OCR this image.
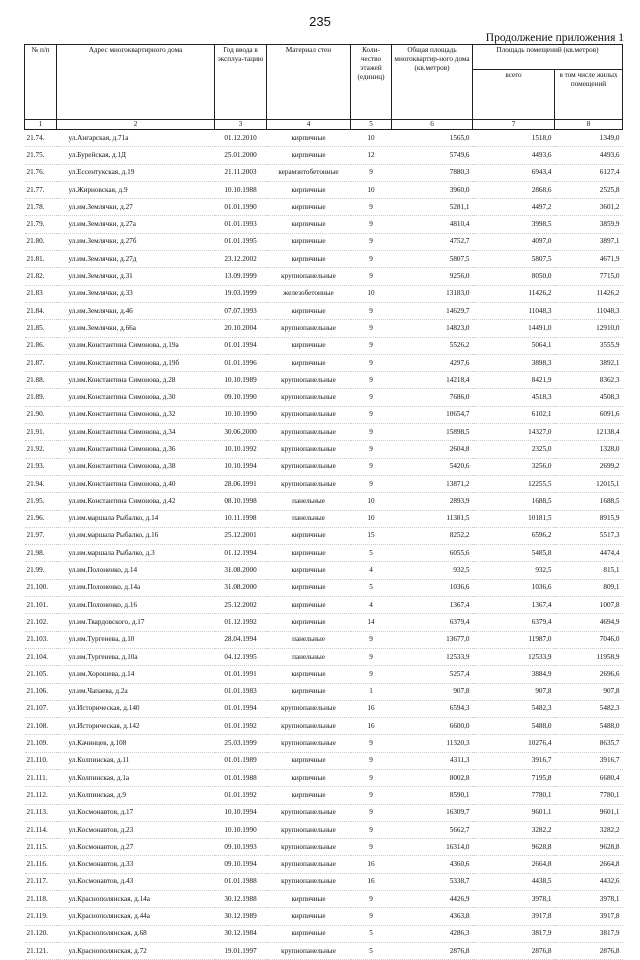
235
Продолжение приложения 1
№ п/п	Адрес многоквартирного дома	Год ввода в эксплуа-тацию	Материал стен	Коли-чество этажей (единиц)	Общая площадь многоквартир-ного дома (кв.метров)	Площадь помещений (кв.метров)	
						всего	в том числе жилых помещений
1	2	3	4	5	6	7	8
21.74.	ул.Ангарская, д.71а	01.12.2010	кирпичные	10	1565,0	1518,0	1349,0
21.75.	ул.Бурейская, д.1Д	25.01.2000	кирпичные	12	5749,6	4493,6	4493,6
21.76.	ул.Ессентукская, д.19	21.11.2003	керамзитобетонные	9	7880,3	6943,4	6127,4
21.77.	ул.Жирновская, д.9	10.10.1988	кирпичные	10	3960,0	2868,6	2525,8
21.78.	ул.им.Землячки, д.27	01.01.1990	кирпичные	9	5281,1	4497,2	3601,2
21.79.	ул.им.Землячки, д.27а	01.01.1993	кирпичные	9	4810,4	3998,5	3859,9
21.80.	ул.им.Землячки, д.27б	01.01.1995	кирпичные	9	4752,7	4097,0	3897,1
21.81.	ул.им.Землячки, д.27д	23.12.2002	кирпичные	9	5807,5	5807,5	4671,9
21.82.	ул.им.Землячки, д.31	13.09.1999	крупнопанельные	9	9256,0	8050,0	7715,0
21.83	ул.им.Землячки, д.33	19.03.1999	железобетонные	10	13183,0	11426,2	11426,2
21.84.	ул.им.Землячки, д.46	07.07.1993	кирпичные	9	14629,7	11048,3	11048,3
21.85.	ул.им.Землячки, д.66а	20.10.2004	крупнопанельные	9	14823,0	14491,0	12910,0
21.86.	ул.им.Константина Симонова, д.19а	01.01.1994	кирпичные	9	5526,2	5064,1	3555,9
21.87.	ул.им.Константина Симонова, д.19б	01.01.1996	кирпичные	9	4297,6	3898,3	3892,1
21.88.	ул.им.Константина Симонова, д.28	10.10.1989	крупнопанельные	9	14218,4	8421,9	8362,3
21.89.	ул.им.Константина Симонова, д.30	09.10.1990	крупнопанельные	9	7686,0	4518,3	4508,3
21.90.	ул.им.Константина Симонова, д.32	10.10.1990	крупнопанельные	9	10654,7	6102,1	6091,6
21.91.	ул.им.Константина Симонова, д.34	30.06.2000	крупнопанельные	9	15898,5	14327,0	12138,4
21.92.	ул.им.Константина Симонова, д.36	10.10.1992	крупнопанельные	9	2604,8	2325,0	1328,0
21.93.	ул.им.Константина Симонова, д.38	10.10.1994	крупнопанельные	9	5420,6	3256,0	2699,2
21.94.	ул.им.Константина Симонова, д.40	28.06.1991	крупнопанельные	9	13871,2	12255,5	12015,1
21.95.	ул.им.Константина Симонова, д.42	08.10.1998	панельные	10	2893,9	1688,5	1688,5
21.96.	ул.им.маршала Рыбалко, д.14	10.11.1998	панельные	10	11381,5	10181,5	8915,9
21.97.	ул.им.маршала Рыбалко, д.16	25.12.2001	кирпичные	15	8252,2	6596,2	5517,3
21.98.	ул.им.маршала Рыбалко, д.3	01.12.1994	кирпичные	5	6055,6	5485,8	4474,4
21.99.	ул.им.Полоненко, д.14	31.08.2000	кирпичные	4	932,5	932,5	815,1
21.100.	ул.им.Полоненко, д.14а	31.08.2000	кирпичные	5	1036,6	1036,6	809,1
21.101.	ул.им.Полоненко, д.16	25.12.2002	кирпичные	4	1367,4	1367,4	1007,8
21.102.	ул.им.Твардовского, д.17	01.12.1992	кирпичные	14	6379,4	6379,4	4694,9
21.103.	ул.им.Тургенева, д.10	28.04.1994	панельные	9	13677,0	11987,0	7046,0
21.104.	ул.им.Тургенева, д.10а	04.12.1995	панельные	9	12533,9	12533,9	11958,9
21.105.	ул.им.Хорошева, д.14	01.01.1991	кирпичные	9	5257,4	3884,9	2696,6
21.106.	ул.им.Чапаева, д.2а	01.01.1983	кирпичные	1	907,8	907,8	907,8
21.107.	ул.Историческая, д.140	01.01.1994	крупнопанельные	16	6594,3	5482,3	5482,3
21.108.	ул.Историческая, д.142	01.01.1992	крупнопанельные	16	6600,0	5488,0	5488,0
21.109.	ул.Качинцев, д.108	25.03.1999	крупнопанельные	9	11320,3	10276,4	8635,7
21.110.	ул.Колпинская, д.11	01.01.1989	кирпичные	9	4311,3	3916,7	3916,7
21.111.	ул.Колпинская, д.1а	01.01.1988	кирпичные	9	8002,8	7195,8	6680,4
21.112.	ул.Колпинская, д.9	01.01.1992	кирпичные	9	8590,1	7780,1	7780,1
21.113.	ул.Космонавтов, д.17	10.10.1994	крупнопанельные	9	16309,7	9601,1	9601,1
21.114.	ул.Космонавтов, д.23	10.10.1990	крупнопанельные	9	5662,7	3282,2	3282,2
21.115.	ул.Космонавтов, д.27	09.10.1993	крупнопанельные	9	16314,0	9628,8	9628,8
21.116.	ул.Космонавтов, д.33	09.10.1994	крупнопанельные	16	4360,6	2664,8	2664,8
21.117.	ул.Космонавтов, д.43	01.01.1988	крупнопанельные	16	5338,7	4438,5	4432,6
21.118.	ул.Краснополянская, д.14а	30.12.1988	кирпичные	9	4426,9	3978,1	3978,1
21.119.	ул.Краснополянская, д.44а	30.12.1989	кирпичные	9	4363,8	3917,8	3917,8
21.120.	ул.Краснополянская, д.68	30.12.1984	кирпичные	5	4286,3	3817,9	3817,9
21.121.	ул.Краснополянская, д.72	19.01.1997	крупнопанельные	5	2876,8	2876,8	2876,8
